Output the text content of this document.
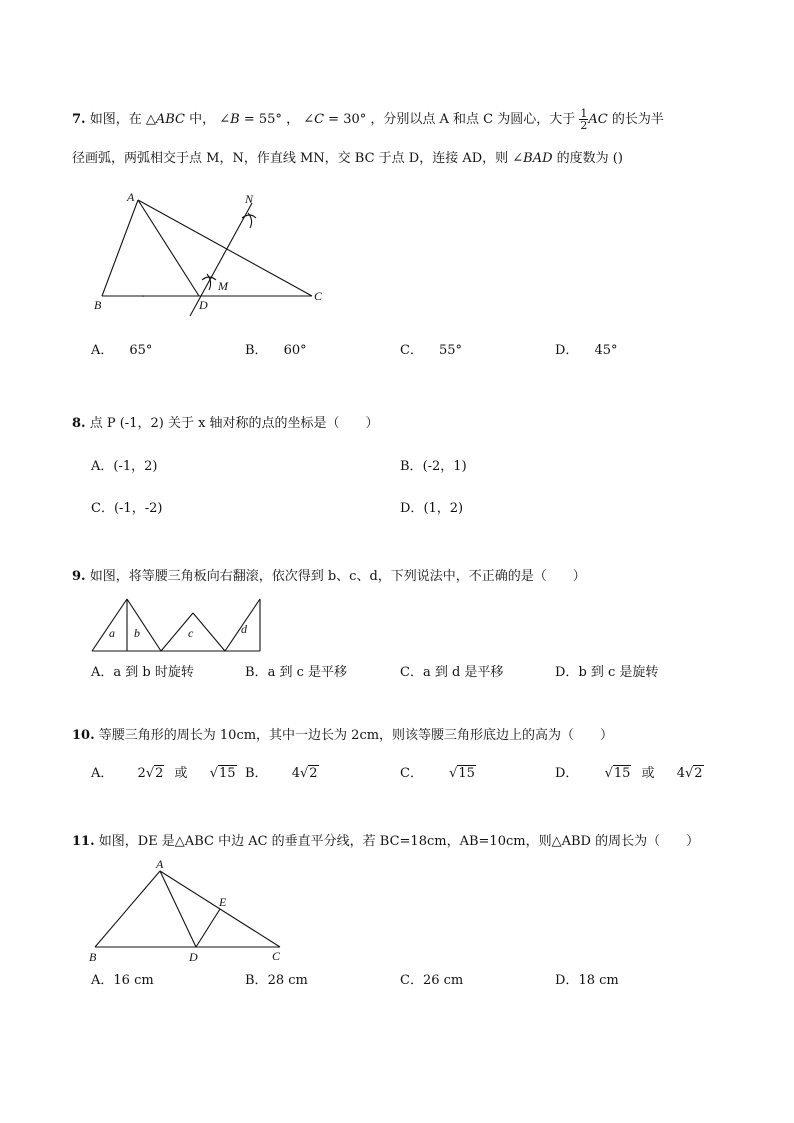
7. 如图，在 △ABC 中， ∠B = 55° ， ∠C = 30° ，分别以点 A 和点 C 为圆心，大于 $\frac{1}{2}$ AC 的长为半
径画弧，两弧相交于点 M，N，作直线 MN，交 BC 于点 D，连接 AD，则 ∠BAD 的度数为 ()
A
B
C
D
M
N
A． 65°	B． 60°	C． 55°	D． 45°
8. 点 P (-1，2) 关于 x 轴对称的点的坐标是（　　）
A．(-1，2)	B．(-2，1)
C．(-1，-2)	D．(1，2)
9. 如图，将等腰三角板向右翻滚，依次得到 b、c、d，下列说法中，不正确的是（　　）
a b	c	d
A．a 到 b 时旋转	B．a 到 c 是平移	C．a 到 d 是平移	D．b 到 c 是旋转
10. 等腰三角形的周长为 10cm，其中一边长为 2cm，则该等腰三角形底边上的高为（　　）
A． 2√2 或 √15 B． 4√2	C． √15	D． √15 或 4√2
11. 如图，DE 是△ABC 中边 AC 的垂直平分线，若 BC=18cm，AB=10cm，则△ABD 的周长为（　　）
A
B	C
D
E
A．16 cm	B．28 cm	C．26 cm	D．18 cm
